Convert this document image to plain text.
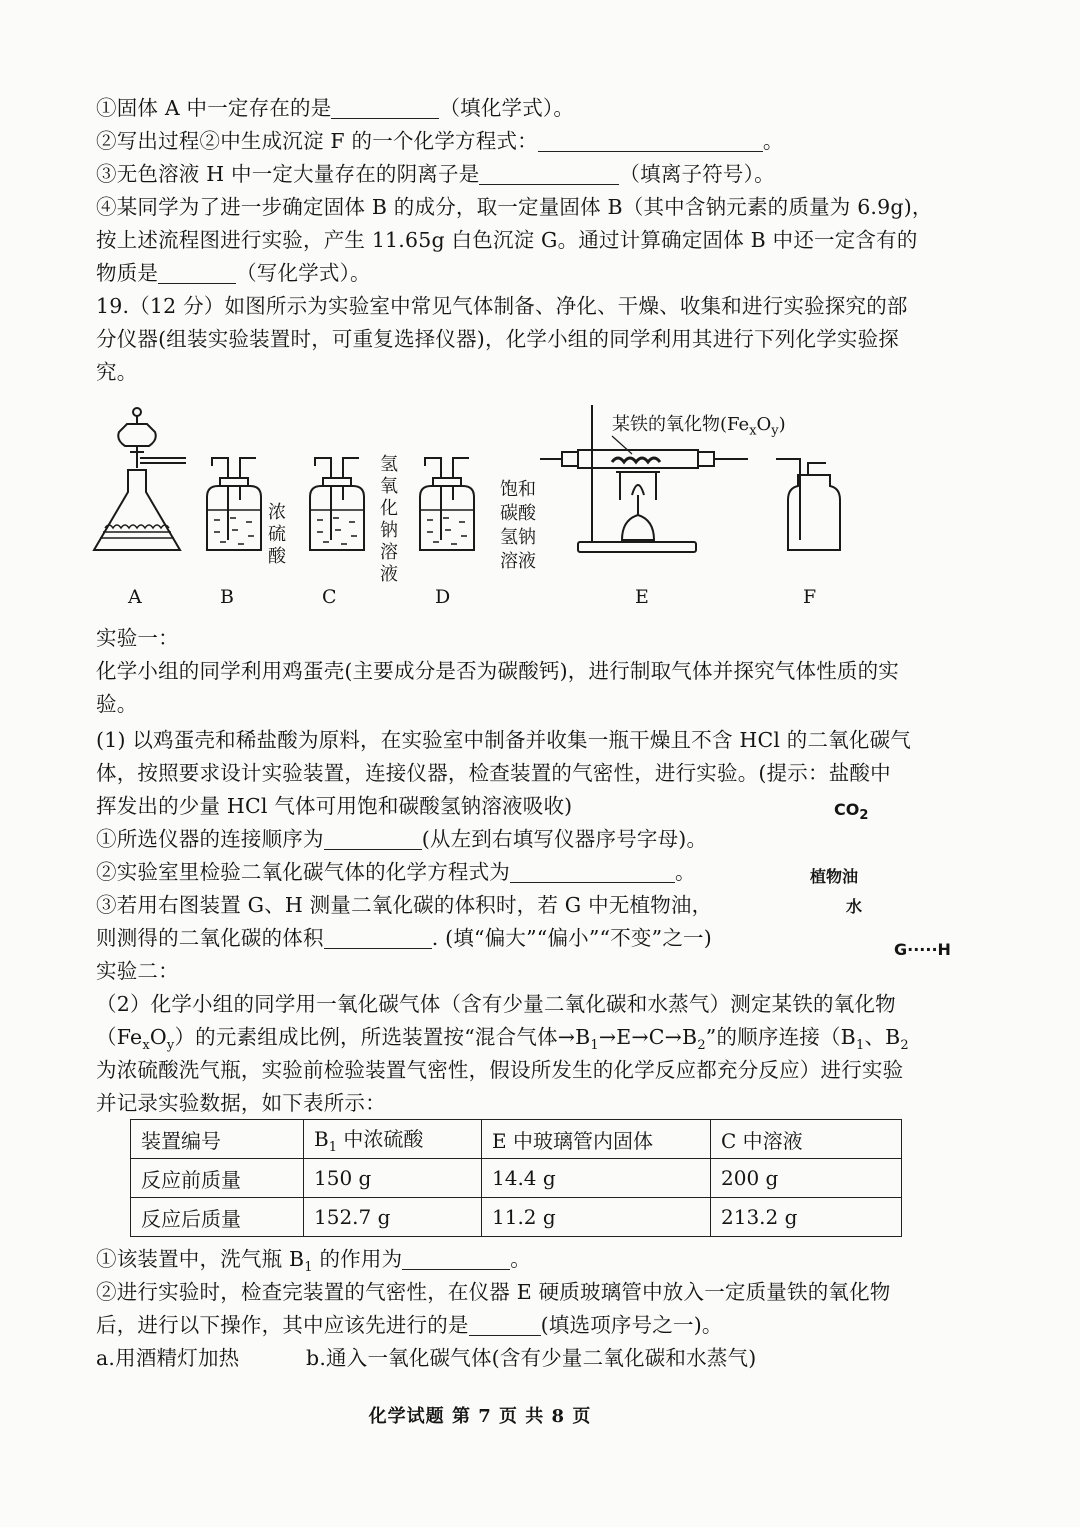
①固体 A 中一定存在的是	（填化学式）。
②写出过程②中生成沉淀 F 的一个化学方程式：	。
③无色溶液 H 中一定大量存在的阴离子是	（填离子符号）。
④某同学为了进一步确定固体 B 的成分，取一定量固体 B（其中含钠元素的质量为 6.9g)，
按上述流程图进行实验，产生 11.65g 白色沉淀 G。通过计算确定固体 B 中还一定含有的
物质是	（写化学式）。
19.（12 分）如图所示为实验室中常见气体制备、净化、干燥、收集和进行实验探究的部
分仪器(组装实验装置时，可重复选择仪器)，化学小组的同学利用其进行下列化学实验探
究。
浓
硫
酸
氢
氧
化
钠
溶
液
饱和
碳酸
氢钠
溶液
某铁的氧化物$(Fe_xO_y)$
A	B	C	D	E	F
实验一：
化学小组的同学利用鸡蛋壳(主要成分是否为碳酸钙)，进行制取气体并探究气体性质的实
验。
(1) 以鸡蛋壳和稀盐酸为原料，在实验室中制备并收集一瓶干燥且不含 HCl 的二氧化碳气
体，按照要求设计实验装置，连接仪器，检查装置的气密性，进行实验。(提示：盐酸中
挥发出的少量 HCl 气体可用饱和碳酸氢钠溶液吸收)
①所选仪器的连接顺序为	(从左到右填写仪器序号字母)。
②实验室里检验二氧化碳气体的化学方程式为	。
③若用右图装置 G、H 测量二氧化碳的体积时，若 G 中无植物油，
则测得的二氧化碳的体积	. (填“偏大”“偏小”“不变”之一)
$CO_2$
植物油
水
G·····H
实验二：
（2）化学小组的同学用一氧化碳气体（含有少量二氧化碳和水蒸气）测定某铁的氧化物
$(Fe_xO_y)$的元素组成比例，所选装置按“混合气体$\to B_1\to E\to C\to B_2$”的顺序连接（$B_1$、$B_2$
为浓硫酸洗气瓶，实验前检验装置气密性，假设所发生的化学反应都充分反应）进行实验
并记录实验数据，如下表所示：
装置编号	$B_1$ 中浓硫酸	E 中玻璃管内固体	C 中溶液
反应前质量	150 g	14.4 g	200 g
反应后质量	152.7 g	11.2 g	213.2 g
①该装置中，洗气瓶 $B_1$ 的作用为	。
②进行实验时，检查完装置的气密性，在仪器 E 硬质玻璃管中放入一定质量铁的氧化物
后，进行以下操作，其中应该先进行的是	(填选项序号之一)。
a.用酒精灯加热	b.通入一氧化碳气体(含有少量二氧化碳和水蒸气)
化学试题 第 7 页 共 8 页
